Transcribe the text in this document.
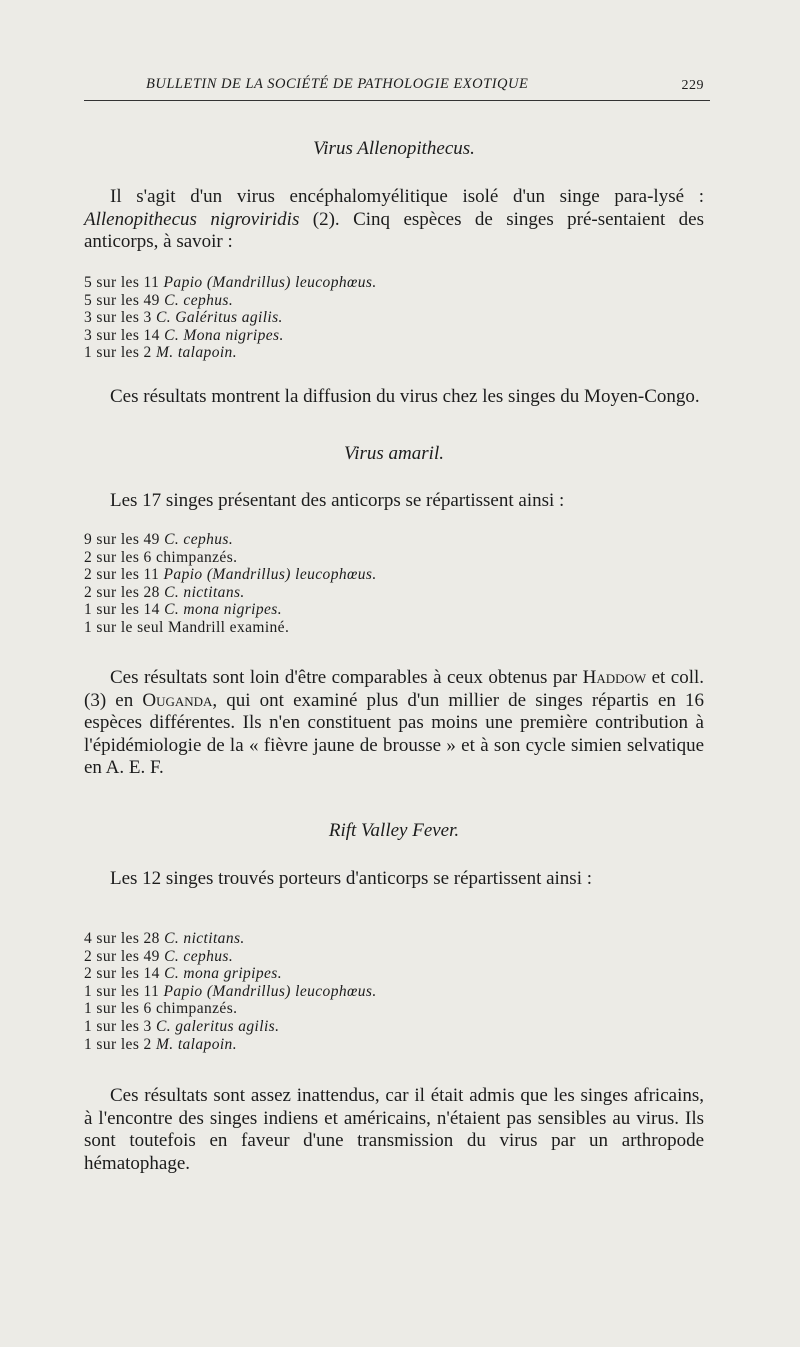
BULLETIN DE LA SOCIÉTÉ DE PATHOLOGIE EXOTIQUE	229
Virus Allenopithecus.
Il s'agit d'un virus encéphalomyélitique isolé d'un singe para-lysé : Allenopithecus nigroviridis (2). Cinq espèces de singes pré-sentaient des anticorps, à savoir :
5 sur les 11 Papio (Mandrillus) leucophœus.
5 sur les 49 C. cephus.
3 sur les 3 C. Galéritus agilis.
3 sur les 14 C. Mona nigripes.
1 sur les 2 M. talapoin.
Ces résultats montrent la diffusion du virus chez les singes du Moyen-Congo.
Virus amaril.
Les 17 singes présentant des anticorps se répartissent ainsi :
9 sur les 49 C. cephus.
2 sur les 6 chimpanzés.
2 sur les 11 Papio (Mandrillus) leucophœus.
2 sur les 28 C. nictitans.
1 sur les 14 C. mona nigripes.
1 sur le seul Mandrill examiné.
Ces résultats sont loin d'être comparables à ceux obtenus par Haddow et coll. (3) en Ouganda, qui ont examiné plus d'un millier de singes répartis en 16 espèces différentes. Ils n'en constituent pas moins une première contribution à l'épidémiologie de la « fièvre jaune de brousse » et à son cycle simien selvatique en A. E. F.
Rift Valley Fever.
Les 12 singes trouvés porteurs d'anticorps se répartissent ainsi :
4 sur les 28 C. nictitans.
2 sur les 49 C. cephus.
2 sur les 14 C. mona gripipes.
1 sur les 11 Papio (Mandrillus) leucophœus.
1 sur les 6 chimpanzés.
1 sur les 3 C. galeritus agilis.
1 sur les 2 M. talapoin.
Ces résultats sont assez inattendus, car il était admis que les singes africains, à l'encontre des singes indiens et américains, n'étaient pas sensibles au virus. Ils sont toutefois en faveur d'une transmission du virus par un arthropode hématophage.
